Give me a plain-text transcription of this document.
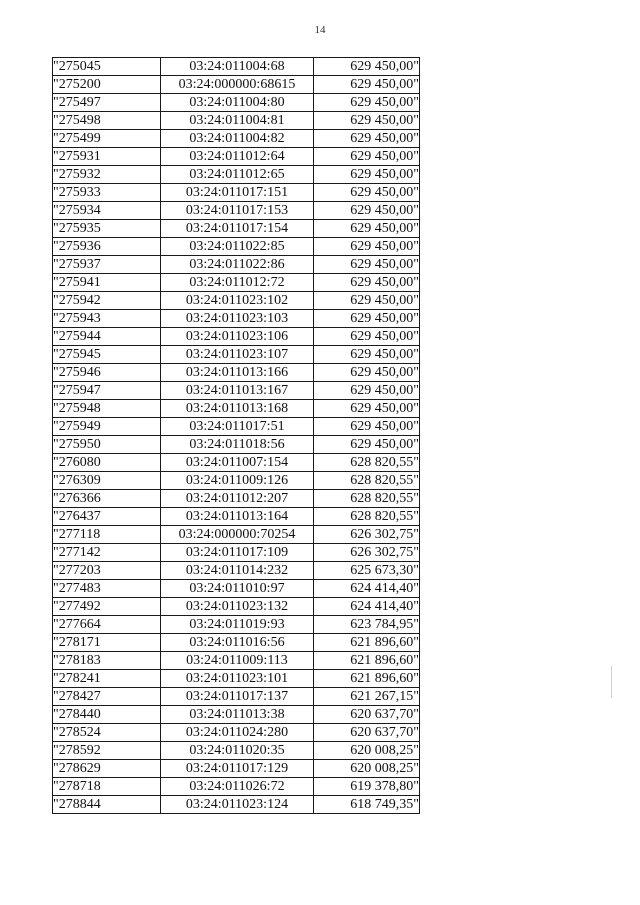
14
"275045	03:24:011004:68	629 450,00"
"275200	03:24:000000:68615	629 450,00"
"275497	03:24:011004:80	629 450,00"
"275498	03:24:011004:81	629 450,00"
"275499	03:24:011004:82	629 450,00"
"275931	03:24:011012:64	629 450,00"
"275932	03:24:011012:65	629 450,00"
"275933	03:24:011017:151	629 450,00"
"275934	03:24:011017:153	629 450,00"
"275935	03:24:011017:154	629 450,00"
"275936	03:24:011022:85	629 450,00"
"275937	03:24:011022:86	629 450,00"
"275941	03:24:011012:72	629 450,00"
"275942	03:24:011023:102	629 450,00"
"275943	03:24:011023:103	629 450,00"
"275944	03:24:011023:106	629 450,00"
"275945	03:24:011023:107	629 450,00"
"275946	03:24:011013:166	629 450,00"
"275947	03:24:011013:167	629 450,00"
"275948	03:24:011013:168	629 450,00"
"275949	03:24:011017:51	629 450,00"
"275950	03:24:011018:56	629 450,00"
"276080	03:24:011007:154	628 820,55"
"276309	03:24:011009:126	628 820,55"
"276366	03:24:011012:207	628 820,55"
"276437	03:24:011013:164	628 820,55"
"277118	03:24:000000:70254	626 302,75"
"277142	03:24:011017:109	626 302,75"
"277203	03:24:011014:232	625 673,30"
"277483	03:24:011010:97	624 414,40"
"277492	03:24:011023:132	624 414,40"
"277664	03:24:011019:93	623 784,95"
"278171	03:24:011016:56	621 896,60"
"278183	03:24:011009:113	621 896,60"
"278241	03:24:011023:101	621 896,60"
"278427	03:24:011017:137	621 267,15"
"278440	03:24:011013:38	620 637,70"
"278524	03:24:011024:280	620 637,70"
"278592	03:24:011020:35	620 008,25"
"278629	03:24:011017:129	620 008,25"
"278718	03:24:011026:72	619 378,80"
"278844	03:24:011023:124	618 749,35"
